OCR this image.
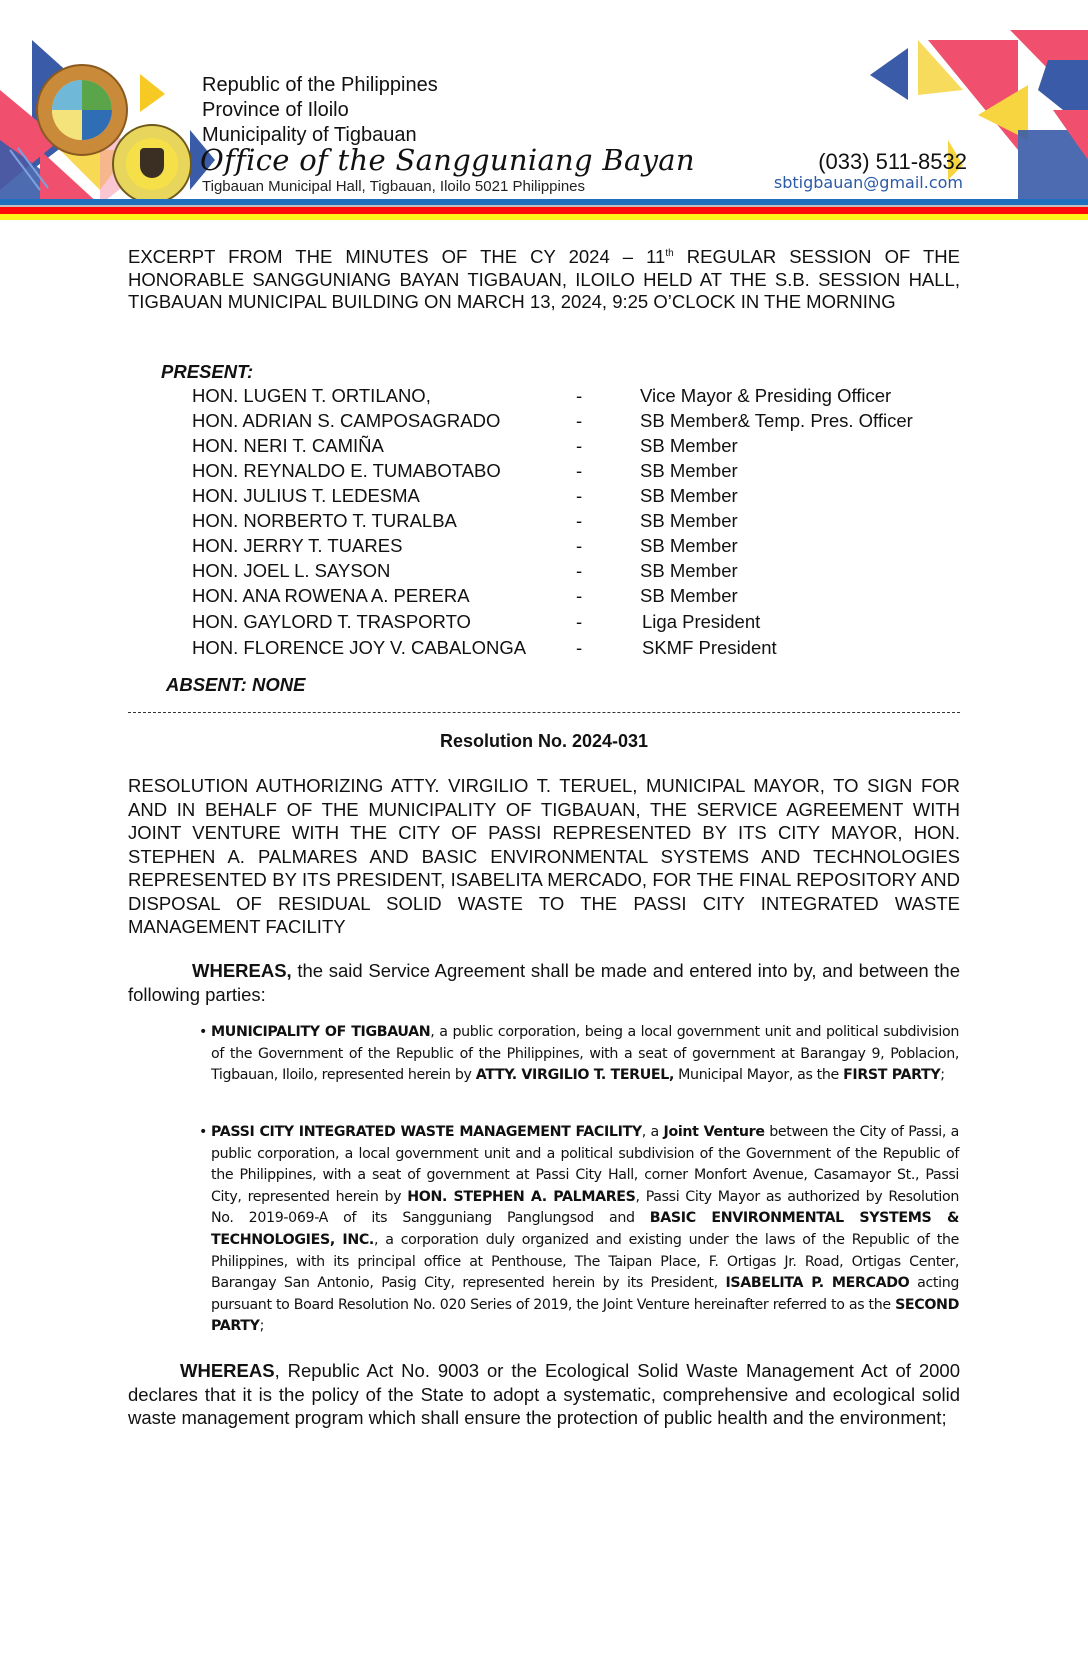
Republic of the Philippines
Province of Iloilo
Municipality of Tigbauan
Office of the Sangguniang Bayan
Tigbauan Municipal Hall, Tigbauan, Iloilo 5021 Philippines
(033) 511-8532
sbtigbauan@gmail.com
EXCERPT FROM THE MINUTES OF THE CY 2024 – 11th REGULAR SESSION OF THE HONORABLE SANGGUNIANG BAYAN TIGBAUAN, ILOILO HELD AT THE S.B. SESSION HALL, TIGBAUAN MUNICIPAL BUILDING ON MARCH 13, 2024, 9:25 O’CLOCK IN THE MORNING
PRESENT:
HON. LUGEN T. ORTILANO,	-	Vice Mayor & Presiding Officer
HON. ADRIAN S. CAMPOSAGRADO	-	SB Member& Temp. Pres. Officer
HON. NERI T. CAMIÑA	-	SB Member
HON. REYNALDO E. TUMABOTABO	-	SB Member
HON. JULIUS T. LEDESMA	-	SB Member
HON. NORBERTO T. TURALBA	-	SB Member
HON. JERRY T. TUARES	-	SB Member
HON. JOEL L. SAYSON	-	SB Member
HON. ANA ROWENA A. PERERA	-	SB Member
HON. GAYLORD T. TRASPORTO	-	Liga President
HON. FLORENCE JOY V. CABALONGA	-	SKMF President
ABSENT: NONE
Resolution No. 2024-031
RESOLUTION AUTHORIZING ATTY. VIRGILIO T. TERUEL, MUNICIPAL MAYOR, TO SIGN FOR AND IN BEHALF OF THE MUNICIPALITY OF TIGBAUAN, THE SERVICE AGREEMENT WITH JOINT VENTURE WITH THE CITY OF PASSI REPRESENTED BY ITS CITY MAYOR, HON. STEPHEN A. PALMARES AND BASIC ENVIRONMENTAL SYSTEMS AND TECHNOLOGIES REPRESENTED BY ITS PRESIDENT, ISABELITA MERCADO, FOR THE FINAL REPOSITORY AND DISPOSAL OF RESIDUAL SOLID WASTE TO THE PASSI CITY INTEGRATED WASTE MANAGEMENT FACILITY
WHEREAS, the said Service Agreement shall be made and entered into by, and between the following parties:
• MUNICIPALITY OF TIGBAUAN, a public corporation, being a local government unit and political subdivision of the Government of the Republic of the Philippines, with a seat of government at Barangay 9, Poblacion, Tigbauan, Iloilo, represented herein by ATTY. VIRGILIO T. TERUEL, Municipal Mayor, as the FIRST PARTY;
• PASSI CITY INTEGRATED WASTE MANAGEMENT FACILITY, a Joint Venture between the City of Passi, a public corporation, a local government unit and a political subdivision of the Government of the Republic of the Philippines, with a seat of government at Passi City Hall, corner Monfort Avenue, Casamayor St., Passi City, represented herein by HON. STEPHEN A. PALMARES, Passi City Mayor as authorized by Resolution No. 2019-069-A of its Sangguniang Panglungsod and BASIC ENVIRONMENTAL SYSTEMS & TECHNOLOGIES, INC., a corporation duly organized and existing under the laws of the Republic of the Philippines, with its principal office at Penthouse, The Taipan Place, F. Ortigas Jr. Road, Ortigas Center, Barangay San Antonio, Pasig City, represented herein by its President, ISABELITA P. MERCADO acting pursuant to Board Resolution No. 020 Series of 2019, the Joint Venture hereinafter referred to as the SECOND PARTY;
WHEREAS, Republic Act No. 9003 or the Ecological Solid Waste Management Act of 2000 declares that it is the policy of the State to adopt a systematic, comprehensive and ecological solid waste management program which shall ensure the protection of public health and the environment;
